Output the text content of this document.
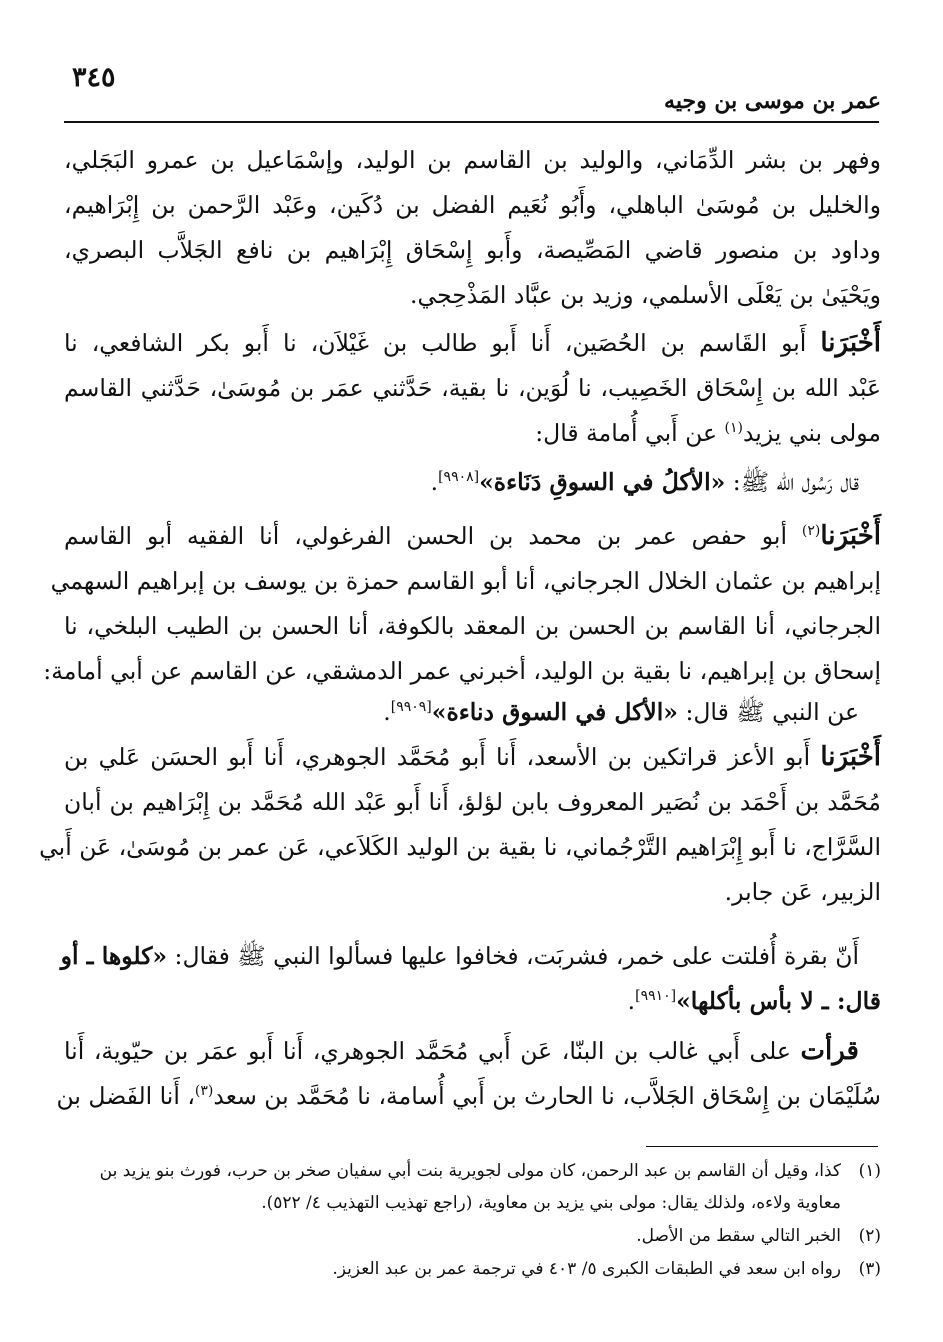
٣٤٥
عمر بن موسى بن وجيه
وفهر بن بشر الدِّمَاني، والوليد بن القاسم بن الوليد، وإسْمَاعيل بن عمرو البَجَلي،
والخليل بن مُوسَىٰ الباهلي، وأَبُو نُعَيم الفضل بن دُكَين، وعَبْد الرَّحمن بن إِبْرَاهيم،
وداود بن منصور قاضي المَصِّيصة، وأَبو إِسْحَاق إِبْرَاهيم بن نافع الجَلاَّب البصري،
ويَحْيَىٰ بن يَعْلَى الأسلمي، وزيد بن عبَّاد المَذْحِجي.
أَخْبَرَنا أَبو القَاسم بن الحُصَين، أَنا أَبو طالب بن غَيْلاَن، نا أَبو بكر الشافعي، نا
عَبْد الله بن إِسْحَاق الخَصِيب، نا لُوَين، نا بقية، حَدَّثني عمَر بن مُوسَىٰ، حَدَّثني القاسم
مولى بني يزيد$^{(١)}$ عن أَبي أُمامة قال:
قال رَسُول الله ﷺ: «الأكلُ في السوقِ دَنَاءة»[٩٩٠٨].
أَخْبَرَنا$^{(٢)}$ أبو حفص عمر بن محمد بن الحسن الفرغولي، أنا الفقيه أبو القاسم
إبراهيم بن عثمان الخلال الجرجاني، أنا أبو القاسم حمزة بن يوسف بن إبراهيم السهمي
الجرجاني، أنا القاسم بن الحسن بن المعقد بالكوفة، أنا الحسن بن الطيب البلخي، نا
إسحاق بن إبراهيم، نا بقية بن الوليد، أخبرني عمر الدمشقي، عن القاسم عن أبي أمامة:
عن النبي ﷺ قال: «الأكل في السوق دناءة»[٩٩٠٩].
أَخْبَرَنا أَبو الأعز قراتكين بن الأسعد، أَنا أَبو مُحَمَّد الجوهري، أَنا أَبو الحسَن عَلي بن
مُحَمَّد بن أَحْمَد بن نُصَير المعروف بابن لؤلؤ، أَنا أَبو عَبْد الله مُحَمَّد بن إِبْرَاهيم بن أبان
السَّرَّاج، نا أَبو إِبْرَاهيم التَّرْجُماني، نا بقية بن الوليد الكَلاَعي، عَن عمر بن مُوسَىٰ، عَن أَبي
الزبير، عَن جابر.
أَنّ بقرة أُفلتت على خمر، فشربَت، فخافوا عليها فسألوا النبي ﷺ فقال: «كلوها ـ أو
قال: ـ لا بأس بأكلها»[٩٩١٠].
قرأت على أَبي غالب بن البنّا، عَن أَبي مُحَمَّد الجوهري، أَنا أَبو عمَر بن حيّوية، أَنا
سُلَيْمَان بن إِسْحَاق الجَلاَّب، نا الحارث بن أَبي أُسامة، نا مُحَمَّد بن سعد$^{(٣)}$، أَنا الفَضل بن
(١)كذا، وقيل أن القاسم بن عبد الرحمن، كان مولى لجويرية بنت أبي سفيان صخر بن حرب، فورث بنو يزيد بن
معاوية ولاءه، ولذلك يقال: مولى بني يزيد بن معاوية، (راجع تهذيب التهذيب ٤/ ٥٢٢).
(٢)الخبر التالي سقط من الأصل.
(٣)رواه ابن سعد في الطبقات الكبرى ٥/ ٤٠٣ في ترجمة عمر بن عبد العزيز.
